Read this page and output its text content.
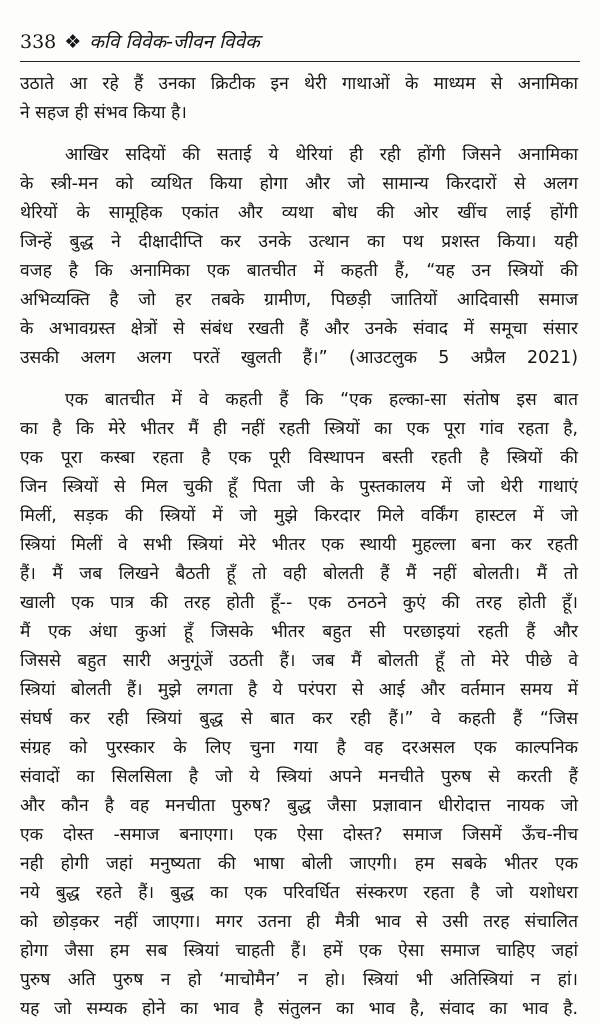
338 ❖ कवि विवेक-जीवन विवेक

उठाते आ रहे हैं उनका क्रिटीक इन थेरी गाथाओं के माध्यम से अनामिका

ने सहज ही संभव किया है।

आखिर सदियों की सताई ये थेरियां ही रही होंगी जिसने अनामिका

के स्त्री-मन को व्यथित किया होगा और जो सामान्य किरदारों से अलग

थेरियों के सामूहिक एकांत और व्यथा बोध की ओर खींच लाई होंगी

जिन्हें बुद्ध ने दीक्षादीप्ति कर उनके उत्थान का पथ प्रशस्त किया। यही

वजह है कि अनामिका एक बातचीत में कहती हैं, “यह उन स्त्रियों की

अभिव्यक्ति है जो हर तबके ग्रामीण, पिछड़ी जातियों आदिवासी समाज

के अभावग्रस्त क्षेत्रों से संबंध रखती हैं और उनके संवाद में समूचा संसार

उसकी अलग अलग परतें खुलती हैं।” (आउटलुक 5 अप्रैल 2021)

एक बातचीत में वे कहती हैं कि “एक हल्का-सा संतोष इस बात

का है कि मेरे भीतर मैं ही नहीं रहती स्त्रियों का एक पूरा गांव रहता है,

एक पूरा कस्बा रहता है एक पूरी विस्थापन बस्ती रहती है स्त्रियों की

जिन स्त्रियों से मिल चुकी हूँ पिता जी के पुस्तकालय में जो थेरी गाथाएं

मिलीं, सड़क की स्त्रियों में जो मुझे किरदार मिले वर्किंग हास्टल में जो

स्त्रियां मिलीं वे सभी स्त्रियां मेरे भीतर एक स्थायी मुहल्ला बना कर रहती

हैं। मैं जब लिखने बैठती हूँ तो वही बोलती हैं मैं नहीं बोलती। मैं तो

खाली एक पात्र की तरह होती हूँ-- एक ठनठने कुएं की तरह होती हूँ।

मैं एक अंधा कुआं हूँ जिसके भीतर बहुत सी परछाइयां रहती हैं और

जिससे बहुत सारी अनुगूंजें उठती हैं। जब मैं बोलती हूँ तो मेरे पीछे वे

स्त्रियां बोलती हैं। मुझे लगता है ये परंपरा से आई और वर्तमान समय में

संघर्ष कर रही स्त्रियां बुद्ध से बात कर रही हैं।” वे कहती हैं “जिस

संग्रह को पुरस्कार के लिए चुना गया है वह दरअसल एक काल्पनिक

संवादों का सिलसिला है जो ये स्त्रियां अपने मनचीते पुरुष से करती हैं

और कौन है वह मनचीता पुरुष? बुद्ध जैसा प्रज्ञावान धीरोदात्त नायक जो

एक दोस्त -समाज बनाएगा। एक ऐसा दोस्त? समाज जिसमें ऊँच-नीच

नही होगी जहां मनुष्यता की भाषा बोली जाएगी। हम सबके भीतर एक

नये बुद्ध रहते हैं। बुद्ध का एक परिवर्धित संस्करण रहता है जो यशोधरा

को छोड़कर नहीं जाएगा। मगर उतना ही मैत्री भाव से उसी तरह संचालित

होगा जैसा हम सब स्त्रियां चाहती हैं। हमें एक ऐसा समाज चाहिए जहां

पुरुष अति पुरुष न हो ‘माचोमैन’ न हो। स्त्रियां भी अतिस्त्रियां न हां।

यह जो सम्यक होने का भाव है संतुलन का भाव है, संवाद का भाव है.
